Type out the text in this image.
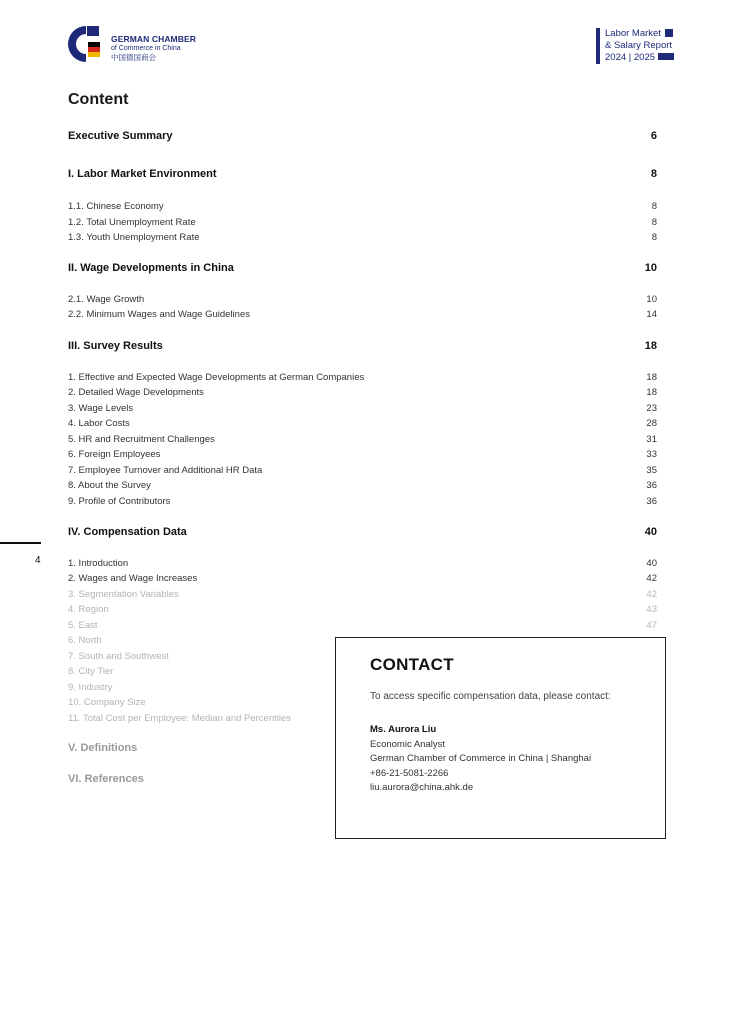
GERMAN CHAMBER
of Commerce in China
中国德国商会
Labor Market
& Salary Report
2024 | 2025
Content
Executive Summary	6
I. Labor Market Environment	8
1.1. Chinese Economy	8
1.2. Total Unemployment Rate	8
1.3. Youth Unemployment Rate	8
II. Wage Developments in China	10
2.1. Wage Growth	10
2.2. Minimum Wages and Wage Guidelines	14
III. Survey Results	18
1. Effective and Expected Wage Developments at German Companies	18
2. Detailed Wage Developments	18
3. Wage Levels	23
4. Labor Costs	28
5. HR and Recruitment Challenges	31
6. Foreign Employees	33
7. Employee Turnover and Additional HR Data	35
8. About the Survey	36
9. Profile of Contributors	36
IV. Compensation Data	40
1. Introduction	40
2. Wages and Wage Increases	42
3. Segmentation Variables	42
4. Region	43
5. East	47
6. North
7. South and Southwest
8. City Tier
9. Industry
10. Company Size
11. Total Cost per Employee: Median and Percentiles
V. Definitions
VI. References
4
CONTACT
To access specific compensation data, please contact:
Ms. Aurora Liu
Economic Analyst
German Chamber of Commerce in China | Shanghai
+86-21-5081-2266
liu.aurora@china.ahk.de
